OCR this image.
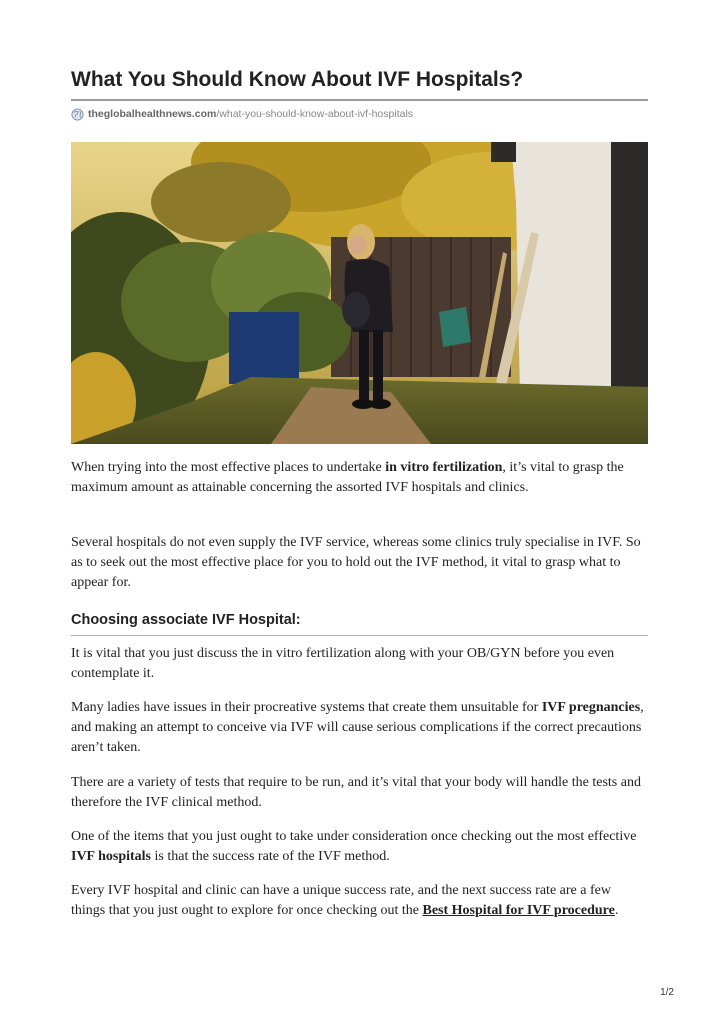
What You Should Know About IVF Hospitals?
theglobalhealthnews.com /what-you-should-know-about-ivf-hospitals

When trying into the most effective places to undertake in vitro fertilization, it’s vital to grasp the maximum amount as attainable concerning the assorted IVF hospitals and clinics.

Several hospitals do not even supply the IVF service, whereas some clinics truly specialise in IVF. So as to seek out the most effective place for you to hold out the IVF method, it vital to grasp what to appear for.

Choosing associate IVF Hospital:

It is vital that you just discuss the in vitro fertilization along with your OB/GYN before you even contemplate it.

Many ladies have issues in their procreative systems that create them unsuitable for IVF pregnancies, and making an attempt to conceive via IVF will cause serious complications if the correct precautions aren’t taken.

There are a variety of tests that require to be run, and it’s vital that your body will handle the tests and therefore the IVF clinical method.

One of the items that you just ought to take under consideration once checking out the most effective IVF hospitals is that the success rate of the IVF method.

Every IVF hospital and clinic can have a unique success rate, and the next success rate are a few things that you just ought to explore for once checking out the Best Hospital for IVF procedure.

1/2
